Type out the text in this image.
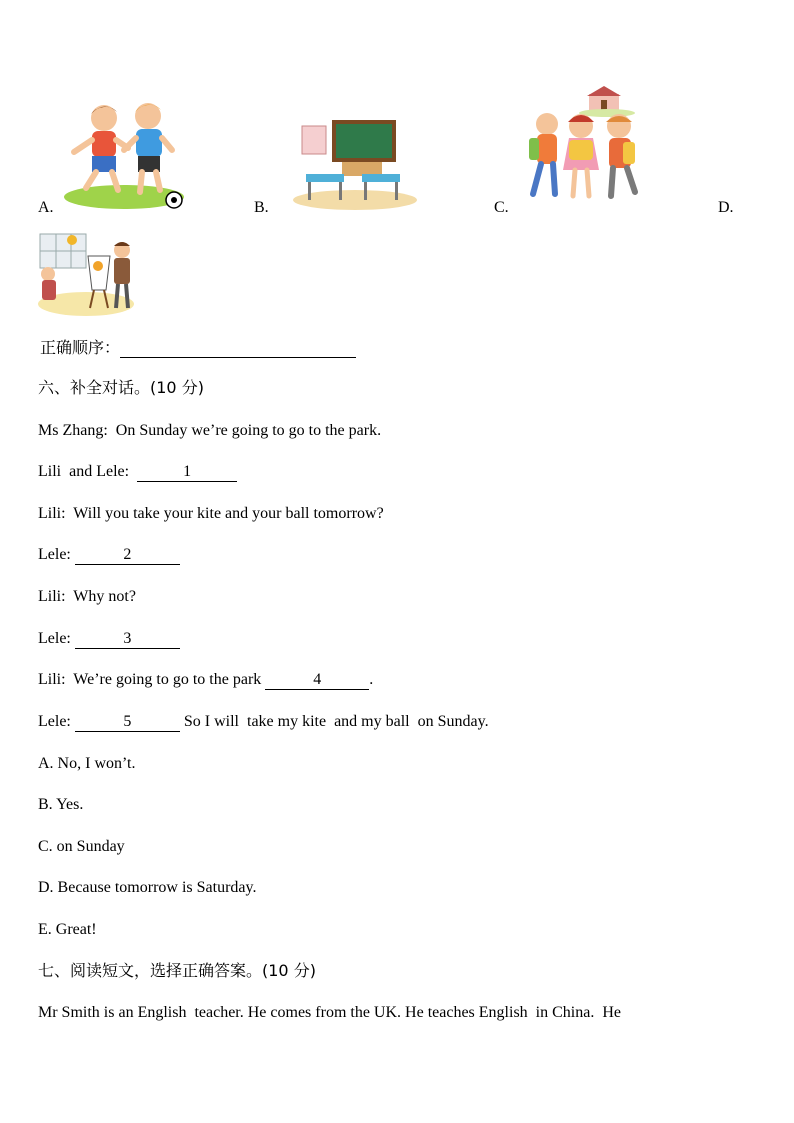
A.	B.	C.	D.
正确顺序：
六、补全对话。(10 分)
Ms Zhang: On Sunday we’re going to go to the park.
Lili  and Lele:	1
Lili: Will you take your kite and your ball tomorrow?
Lele:	2
Lili: Why not?
Lele:	3
Lili: We’re going to go to the park	4	.
Lele:	5	So I will  take my kite  and my ball  on Sunday.
A. No, I won’t.
B. Yes.
C. on Sunday
D. Because tomorrow is Saturday.
E. Great!
七、阅读短文，选择正确答案。(10 分)
Mr Smith is an English  teacher. He comes from the UK. He teaches English  in China.  He
